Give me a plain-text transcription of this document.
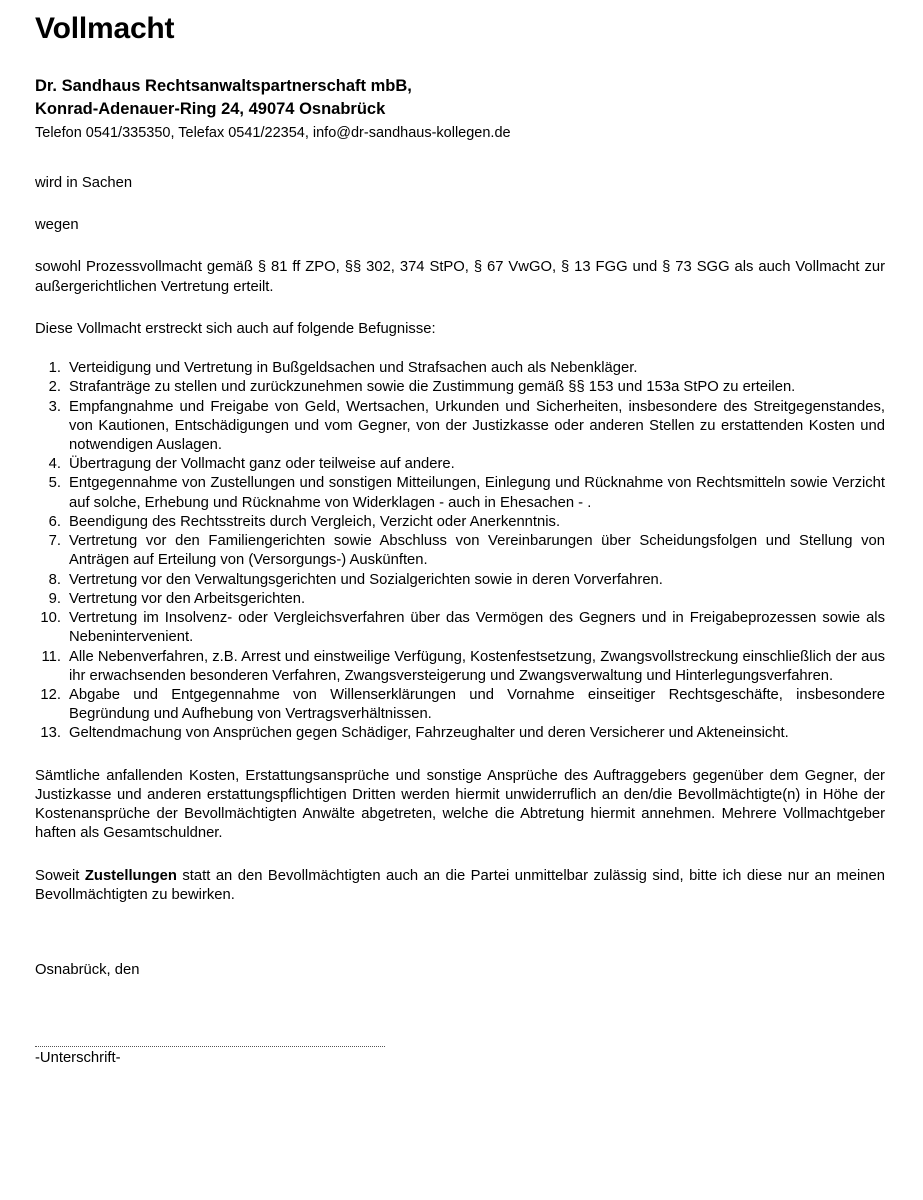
Vollmacht
Dr. Sandhaus Rechtsanwaltspartnerschaft mbB,
Konrad-Adenauer-Ring 24, 49074 Osnabrück
Telefon 0541/335350, Telefax 0541/22354, info@dr-sandhaus-kollegen.de

wird in Sachen

wegen

sowohl Prozessvollmacht gemäß § 81 ff ZPO, §§ 302, 374 StPO, § 67 VwGO, § 13 FGG und § 73 SGG als auch Vollmacht zur außergerichtlichen Vertretung erteilt.

Diese Vollmacht erstreckt sich auch auf folgende Befugnisse:

1. Verteidigung und Vertretung in Bußgeldsachen und Strafsachen auch als Nebenkläger.
2. Strafanträge zu stellen und zurückzunehmen sowie die Zustimmung gemäß §§ 153 und 153a StPO zu erteilen.
3. Empfangnahme und Freigabe von Geld, Wertsachen, Urkunden und Sicherheiten, insbesondere des Streitgegenstandes, von Kautionen, Entschädigungen und vom Gegner, von der Justizkasse oder anderen Stellen zu erstattenden Kosten und notwendigen Auslagen.
4. Übertragung der Vollmacht ganz oder teilweise auf andere.
5. Entgegennahme von Zustellungen und sonstigen Mitteilungen, Einlegung und Rücknahme von Rechtsmitteln sowie Verzicht auf solche, Erhebung und Rücknahme von Widerklagen - auch in Ehesachen - .
6. Beendigung des Rechtsstreits durch Vergleich, Verzicht oder Anerkenntnis.
7. Vertretung vor den Familiengerichten sowie Abschluss von Vereinbarungen über Scheidungsfolgen und Stellung von Anträgen auf Erteilung von (Versorgungs-) Auskünften.
8. Vertretung vor den Verwaltungsgerichten und Sozialgerichten sowie in deren Vorverfahren.
9. Vertretung vor den Arbeitsgerichten.
10. Vertretung im Insolvenz- oder Vergleichsverfahren über das Vermögen des Gegners und in Freigabeprozessen sowie als Nebenintervenient.
11. Alle Nebenverfahren, z.B. Arrest und einstweilige Verfügung, Kostenfestsetzung, Zwangsvollstreckung einschließlich der aus ihr erwachsenden besonderen Verfahren, Zwangsversteigerung und Zwangsverwaltung und Hinterlegungsverfahren.
12. Abgabe und Entgegennahme von Willenserklärungen und Vornahme einseitiger Rechtsgeschäfte, insbesondere Begründung und Aufhebung von Vertragsverhältnissen.
13. Geltendmachung von Ansprüchen gegen Schädiger, Fahrzeughalter und deren Versicherer und Akteneinsicht.

Sämtliche anfallenden Kosten, Erstattungsansprüche und sonstige Ansprüche des Auftraggebers gegenüber dem Gegner, der Justizkasse und anderen erstattungspflichtigen Dritten werden hiermit unwiderruflich an den/die Bevollmächtigte(n) in Höhe der Kostenansprüche der Bevollmächtigten Anwälte abgetreten, welche die Abtretung hiermit annehmen. Mehrere Vollmachtgeber haften als Gesamtschuldner.

Soweit Zustellungen statt an den Bevollmächtigten auch an die Partei unmittelbar zulässig sind, bitte ich diese nur an meinen Bevollmächtigten zu bewirken.

Osnabrück, den

-Unterschrift-
